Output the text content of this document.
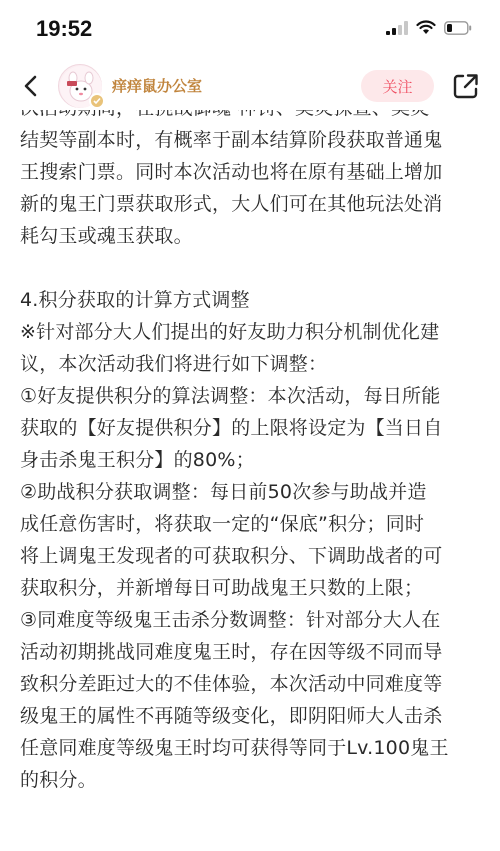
19:52
痒痒鼠办公室	关注
结契等副本时，有概率于副本结算阶段获取普通鬼
王搜索门票。同时本次活动也将在原有基础上增加
新的鬼王门票获取形式，大人们可在其他玩法处消
耗勾玉或魂玉获取。
4.积分获取的计算方式调整
※针对部分大人们提出的好友助力积分机制优化建
议，本次活动我们将进行如下调整：
①好友提供积分的算法调整：本次活动，每日所能
获取的【好友提供积分】的上限将设定为【当日自
身击杀鬼王积分】的80%；
②助战积分获取调整：每日前50次参与助战并造
成任意伤害时，将获取一定的“保底”积分；同时
将上调鬼王发现者的可获取积分、下调助战者的可
获取积分，并新增每日可助战鬼王只数的上限；
③同难度等级鬼王击杀分数调整：针对部分大人在
活动初期挑战同难度鬼王时，存在因等级不同而导
致积分差距过大的不佳体验，本次活动中同难度等
级鬼王的属性不再随等级变化，即阴阳师大人击杀
任意同难度等级鬼王时均可获得等同于Lv.100鬼王
的积分。
